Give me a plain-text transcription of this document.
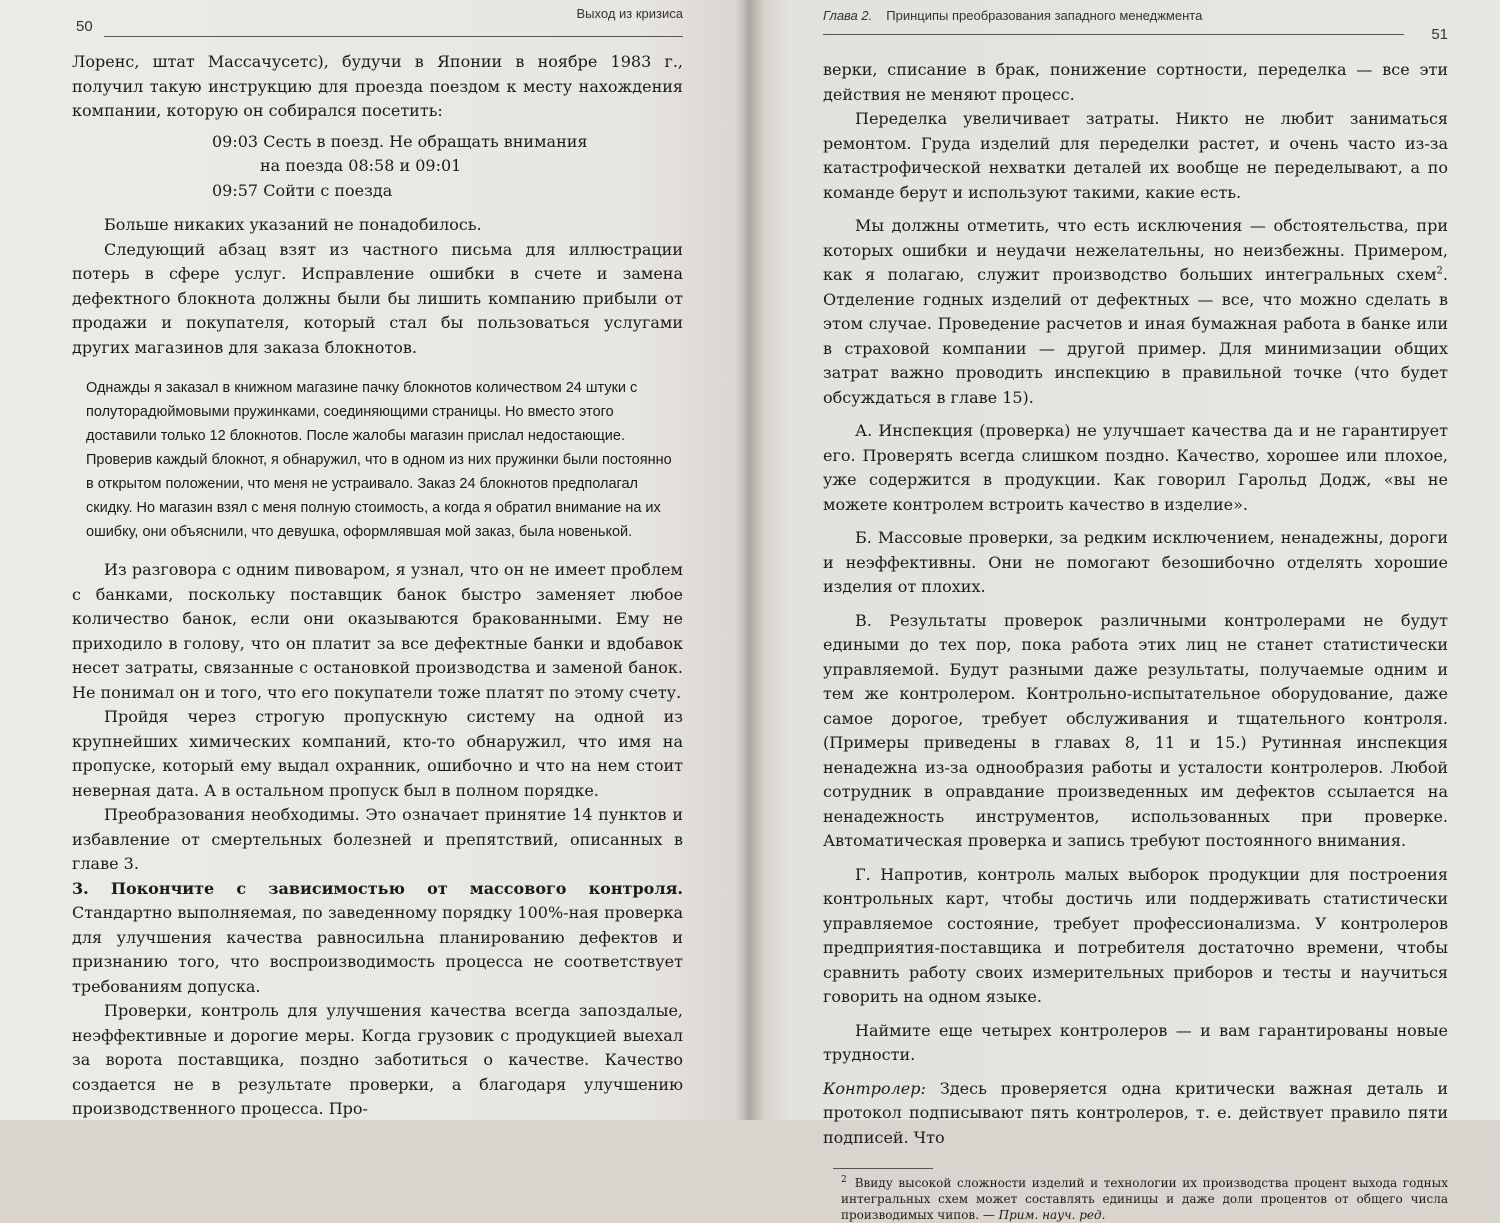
50
Выход из кризиса

Лоренс, штат Массачусетс), будучи в Японии в ноябре 1983 г., получил такую инструкцию для проезда поездом к месту нахождения компании, которую он собирался посетить:

09:03 Сесть в поезд. Не обращать внимания
на поезда 08:58 и 09:01
09:57 Сойти с поезда

Больше никаких указаний не понадобилось.

Следующий абзац взят из частного письма для иллюстрации потерь в сфере услуг. Исправление ошибки в счете и замена дефектного блокнота должны были бы лишить компанию прибыли от продажи и покупателя, который стал бы пользоваться услугами других магазинов для заказа блокнотов.

Однажды я заказал в книжном магазине пачку блокнотов количеством 24 штуки с полуторадюймовыми пружинками, соединяющими страницы. Но вместо этого доставили только 12 блокнотов. После жалобы магазин прислал недостающие. Проверив каждый блокнот, я обнаружил, что в одном из них пружинки были постоянно в открытом положении, что меня не устраивало. Заказ 24 блокнотов предполагал скидку. Но магазин взял с меня полную стоимость, а когда я обратил внимание на их ошибку, они объяснили, что девушка, оформлявшая мой заказ, была новенькой.

Из разговора с одним пивоваром, я узнал, что он не имеет проблем с банками, поскольку поставщик банок быстро заменяет любое количество банок, если они оказываются бракованными. Ему не приходило в голову, что он платит за все дефектные банки и вдобавок несет затраты, связанные с остановкой производства и заменой банок. Не понимал он и того, что его покупатели тоже платят по этому счету.

Пройдя через строгую пропускную систему на одной из крупнейших химических компаний, кто-то обнаружил, что имя на пропуске, который ему выдал охранник, ошибочно и что на нем стоит неверная дата. А в остальном пропуск был в полном порядке.

Преобразования необходимы. Это означает принятие 14 пунктов и избавление от смертельных болезней и препятствий, описанных в главе 3.

3. Покончите с зависимостью от массового контроля. Стандартно выполняемая, по заведенному порядку 100%-ная проверка для улучшения качества равносильна планированию дефектов и признанию того, что воспроизводимость процесса не соответствует требованиям допуска.

Проверки, контроль для улучшения качества всегда запоздалые, неэффективные и дорогие меры. Когда грузовик с продукцией выехал за ворота поставщика, поздно заботиться о качестве. Качество создается не в результате проверки, а благодаря улучшению производственного процесса. Про-

Глава 2. Принципы преобразования западного менеджмента
51

верки, списание в брак, понижение сортности, переделка — все эти действия не меняют процесс.

Переделка увеличивает затраты. Никто не любит заниматься ремонтом. Груда изделий для переделки растет, и очень часто из-за катастрофической нехватки деталей их вообще не переделывают, а по команде берут и используют такими, какие есть.

Мы должны отметить, что есть исключения — обстоятельства, при которых ошибки и неудачи нежелательны, но неизбежны. Примером, как я полагаю, служит производство больших интегральных схем$^2$. Отделение годных изделий от дефектных — все, что можно сделать в этом случае. Проведение расчетов и иная бумажная работа в банке или в страховой компании — другой пример. Для минимизации общих затрат важно проводить инспекцию в правильной точке (что будет обсуждаться в главе 15).

А. Инспекция (проверка) не улучшает качества да и не гарантирует его. Проверять всегда слишком поздно. Качество, хорошее или плохое, уже содержится в продукции. Как говорил Гарольд Додж, «вы не можете контролем встроить качество в изделие».

Б. Массовые проверки, за редким исключением, ненадежны, дороги и неэффективны. Они не помогают безошибочно отделять хорошие изделия от плохих.

В. Результаты проверок различными контролерами не будут едиными до тех пор, пока работа этих лиц не станет статистически управляемой. Будут разными даже результаты, получаемые одним и тем же контролером. Контрольно-испытательное оборудование, даже самое дорогое, требует обслуживания и тщательного контроля. (Примеры приведены в главах 8, 11 и 15.) Рутинная инспекция ненадежна из-за однообразия работы и усталости контролеров. Любой сотрудник в оправдание произведенных им дефектов ссылается на ненадежность инструментов, использованных при проверке. Автоматическая проверка и запись требуют постоянного внимания.

Г. Напротив, контроль малых выборок продукции для построения контрольных карт, чтобы достичь или поддерживать статистически управляемое состояние, требует профессионализма. У контролеров предприятия-поставщика и потребителя достаточно времени, чтобы сравнить работу своих измерительных приборов и тесты и научиться говорить на одном языке.

Наймите еще четырех контролеров — и вам гарантированы новые трудности.

Контролер: Здесь проверяется одна критически важная деталь и протокол подписывают пять контролеров, т. е. действует правило пяти подписей. Что

$^2$ Ввиду высокой сложности изделий и технологии их производства процент выхода годных интегральных схем может составлять единицы и даже доли процентов от общего числа производимых чипов. — Прим. науч. ред.
